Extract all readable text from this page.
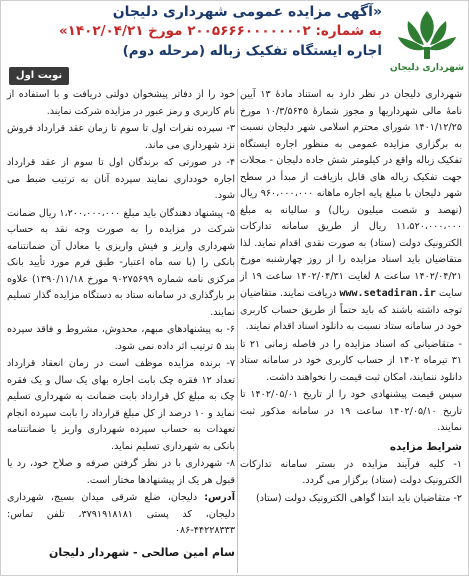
«آگهی مزایده عمومی شهرداری دلیجان
به شماره: ۲۰۰۵۶۶۶۰۰۰۰۰۰۰۲ مورخ ۱۴۰۲/۰۴/۲۱»
اجاره ایستگاه تفکیک زباله (مرحله دوم)
شهرداری دلیجان
نوبت اول

شهرداری دلیجان در نظر دارد به استناد مادهٔ ۱۳ آیین نامهٔ مالی شهرداریها و مجوز شمارهٔ ۱۰/۳/۵۶۴۵ مورخ ۱۴۰۱/۱۲/۲۵ شورای محترم اسلامی شهر دلیجان نسبت به برگزاری مزایده عمومی به منظور اجاره ایستگاه تفکیک زباله واقع در کیلومتر شش جاده دلیجان - محلات جهت تفکیک زباله های قابل بازیافت از مبدأ در سطح شهر دلیجان با مبلغ پایه اجاره ماهانه ۹۶۰،۰۰۰،۰۰۰ ریال (نهصد و شصت میلیون ریال) و سالیانه به مبلغ ۱۱،۵۲۰،۰۰۰،۰۰۰ ریال از طریق سامانه تدارکات الکترونیک دولت (ستاد) به صورت نقدی اقدام نماید. لذا متقاضیان باید اسناد مزایده را از روز چهارشنبه مورخ ۱۴۰۲/۰۴/۲۱ ساعت ۸ لغایت ۱۴۰۲/۰۴/۳۱ ساعت ۱۹ از سایت www.setadiran.ir دریافت نمایند. متقاضیان توجه داشته باشند که باید حتماً از طریق حساب کاربری خود در سامانه ستاد نسبت به دانلود اسناد اقدام نمایند.

- متقاضیانی که اسناد مزایده را در فاصله زمانی ۲۱ تا ۳۱ تیرماه ۱۴۰۲ از حساب کاربری خود در سامانه ستاد دانلود ننمایند، امکان ثبت قیمت را نخواهند داشت.

سپس قیمت پیشنهادی خود را از تاریخ ۱۴۰۲/۰۵/۰۱ تا تاریخ ۱۴۰۲/۰۵/۱۰ ساعت ۱۹ در سامانه مذکور ثبت نمایند.

شرایط مزایده

۱- کلیه فرآیند مزایده در بستر سامانه تدارکات الکترونیک دولت (ستاد) برگزار می گردد.

۲- متقاضیان باید ابتدا گواهی الکترونیک دولت (ستاد)

خود را از دفاتر پیشخوان دولتی دریافت و با استفاده از نام کاربری و رمز عبور در مزایده شرکت نمایند.

۳- سپرده نفرات اول تا سوم تا زمان عقد قرارداد فروش نزد شهرداری می ماند.

۴- در صورتی که برندگان اول تا سوم از عقد قرارداد اجاره خودداری نمایند سپرده آنان به ترتیب ضبط می شود.

۵- پیشنهاد دهندگان باید مبلغ ۱،۲۰۰،۰۰۰،۰۰۰ ریال ضمانت شرکت در مزایده را به صورت وجه نقد به حساب شهرداری واریز و فیش واریزی یا معادل آن ضمانتنامه بانکی را (با سه ماه اعتبار- طبق فرم مورد تأیید بانک مرکزی نامه شماره ۹۰۲۷۵۶۹۹ مورخ ۱۳۹۰/۱۱/۱۸) علاوه بر بارگذاری در سامانه ستاد به دستگاه مزایده گذار تسلیم نمایند.

۶- به پیشنهادهای مبهم، محدوش، مشروط و فاقد سپرده بند ۵ ترتیب اثر داده نمی شود.

۷- برنده مزایده موظف است در زمان انعقاد قرارداد تعداد ۱۲ فقره چک بابت اجاره بهای یک سال و یک فقره چک به مبلغ کل قرارداد بابت ضمانت به شهرداری تسلیم نماید و ۱۰ درصد از کل مبلغ قرارداد را بابت سپرده انجام تعهدات به حساب سپرده شهرداری واریز یا ضمانتنامه بانکی به شهرداری تسلیم نماید.

۸- شهرداری با در نظر گرفتن صرفه و صلاح خود، رد یا قبول هر یک از پیشنهادها مختار است.

آدرس: دلیجان، ضلع شرقی میدان بسیج، شهرداری دلیجان، کد پستی ۳۷۹۱۹۱۸۱۸۱، تلفن تماس: ۴۴۲۲۸۳۳۳-۰۸۶

سام امین صالحی - شهردار دلیجان
